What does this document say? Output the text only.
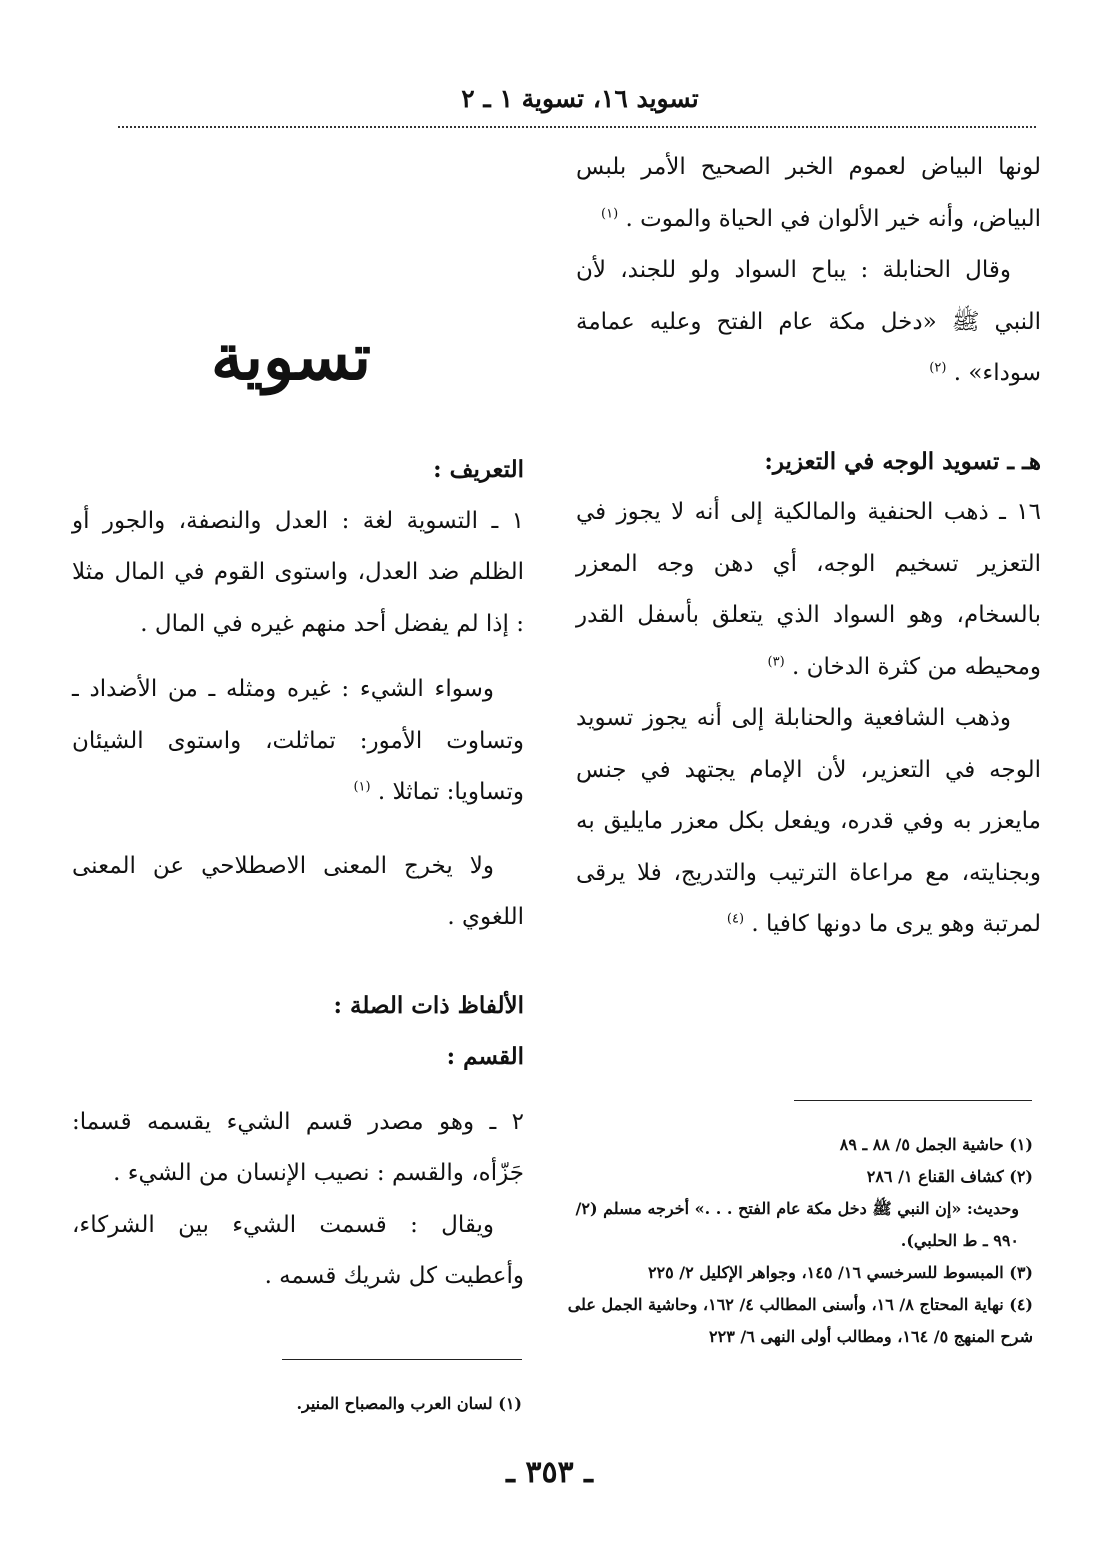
تسويد ١٦، تسوية ١ ـ ٢

لونها البياض لعموم الخبر الصحيح الأمر بلبس البياض، وأنه خير الألوان في الحياة والموت . $^{(١)}$

وقال الحنابلة : يباح السواد ولو للجند، لأن النبي ﷺ «دخل مكة عام الفتح وعليه عمامة سوداء» . $^{(٢)}$

هـ ـ تسويد الوجه في التعزير:

١٦ ـ ذهب الحنفية والمالكية إلى أنه لا يجوز في التعزير تسخيم الوجه، أي دهن وجه المعزر بالسخام، وهو السواد الذي يتعلق بأسفل القدر ومحيطه من كثرة الدخان . $^{(٣)}$

وذهب الشافعية والحنابلة إلى أنه يجوز تسويد الوجه في التعزير، لأن الإمام يجتهد في جنس مايعزر به وفي قدره، ويفعل بكل معزر مايليق به وبجنايته، مع مراعاة الترتيب والتدريج، فلا يرقى لمرتبة وهو يرى ما دونها كافيا . $^{(٤)}$

(١) حاشية الجمل ٥/ ٨٨ ـ ٨٩

(٢) كشاف القناع ١/ ٢٨٦

وحديث: «إن النبي ﷺ دخل مكة عام الفتح . . .» أخرجه مسلم (٢/ ٩٩٠ ـ ط الحلبي).

(٣) المبسوط للسرخسي ١٦/ ١٤٥، وجواهر الإكليل ٢/ ٢٢٥

(٤) نهاية المحتاج ٨/ ١٦، وأسنى المطالب ٤/ ١٦٢، وحاشية الجمل على شرح المنهج ٥/ ١٦٤، ومطالب أولى النهى ٦/ ٢٢٣

تسوية

التعريف :

١ ـ التسوية لغة : العدل والنصفة، والجور أو الظلم ضد العدل، واستوى القوم في المال مثلا : إذا لم يفضل أحد منهم غيره في المال .

وسواء الشيء : غيره ومثله ـ من الأضداد ـ وتساوت الأمور: تماثلت، واستوى الشيئان وتساويا: تماثلا . $^{(١)}$

ولا يخرج المعنى الاصطلاحي عن المعنى اللغوي .

الألفاظ ذات الصلة :

القسم :

٢ ـ وهو مصدر قسم الشيء يقسمه قسما: جَزّأه، والقسم : نصيب الإنسان من الشيء .

ويقال : قسمت الشيء بين الشركاء، وأعطيت كل شريك قسمه .

(١) لسان العرب والمصباح المنير.

ـ ٣٥٣ ـ
